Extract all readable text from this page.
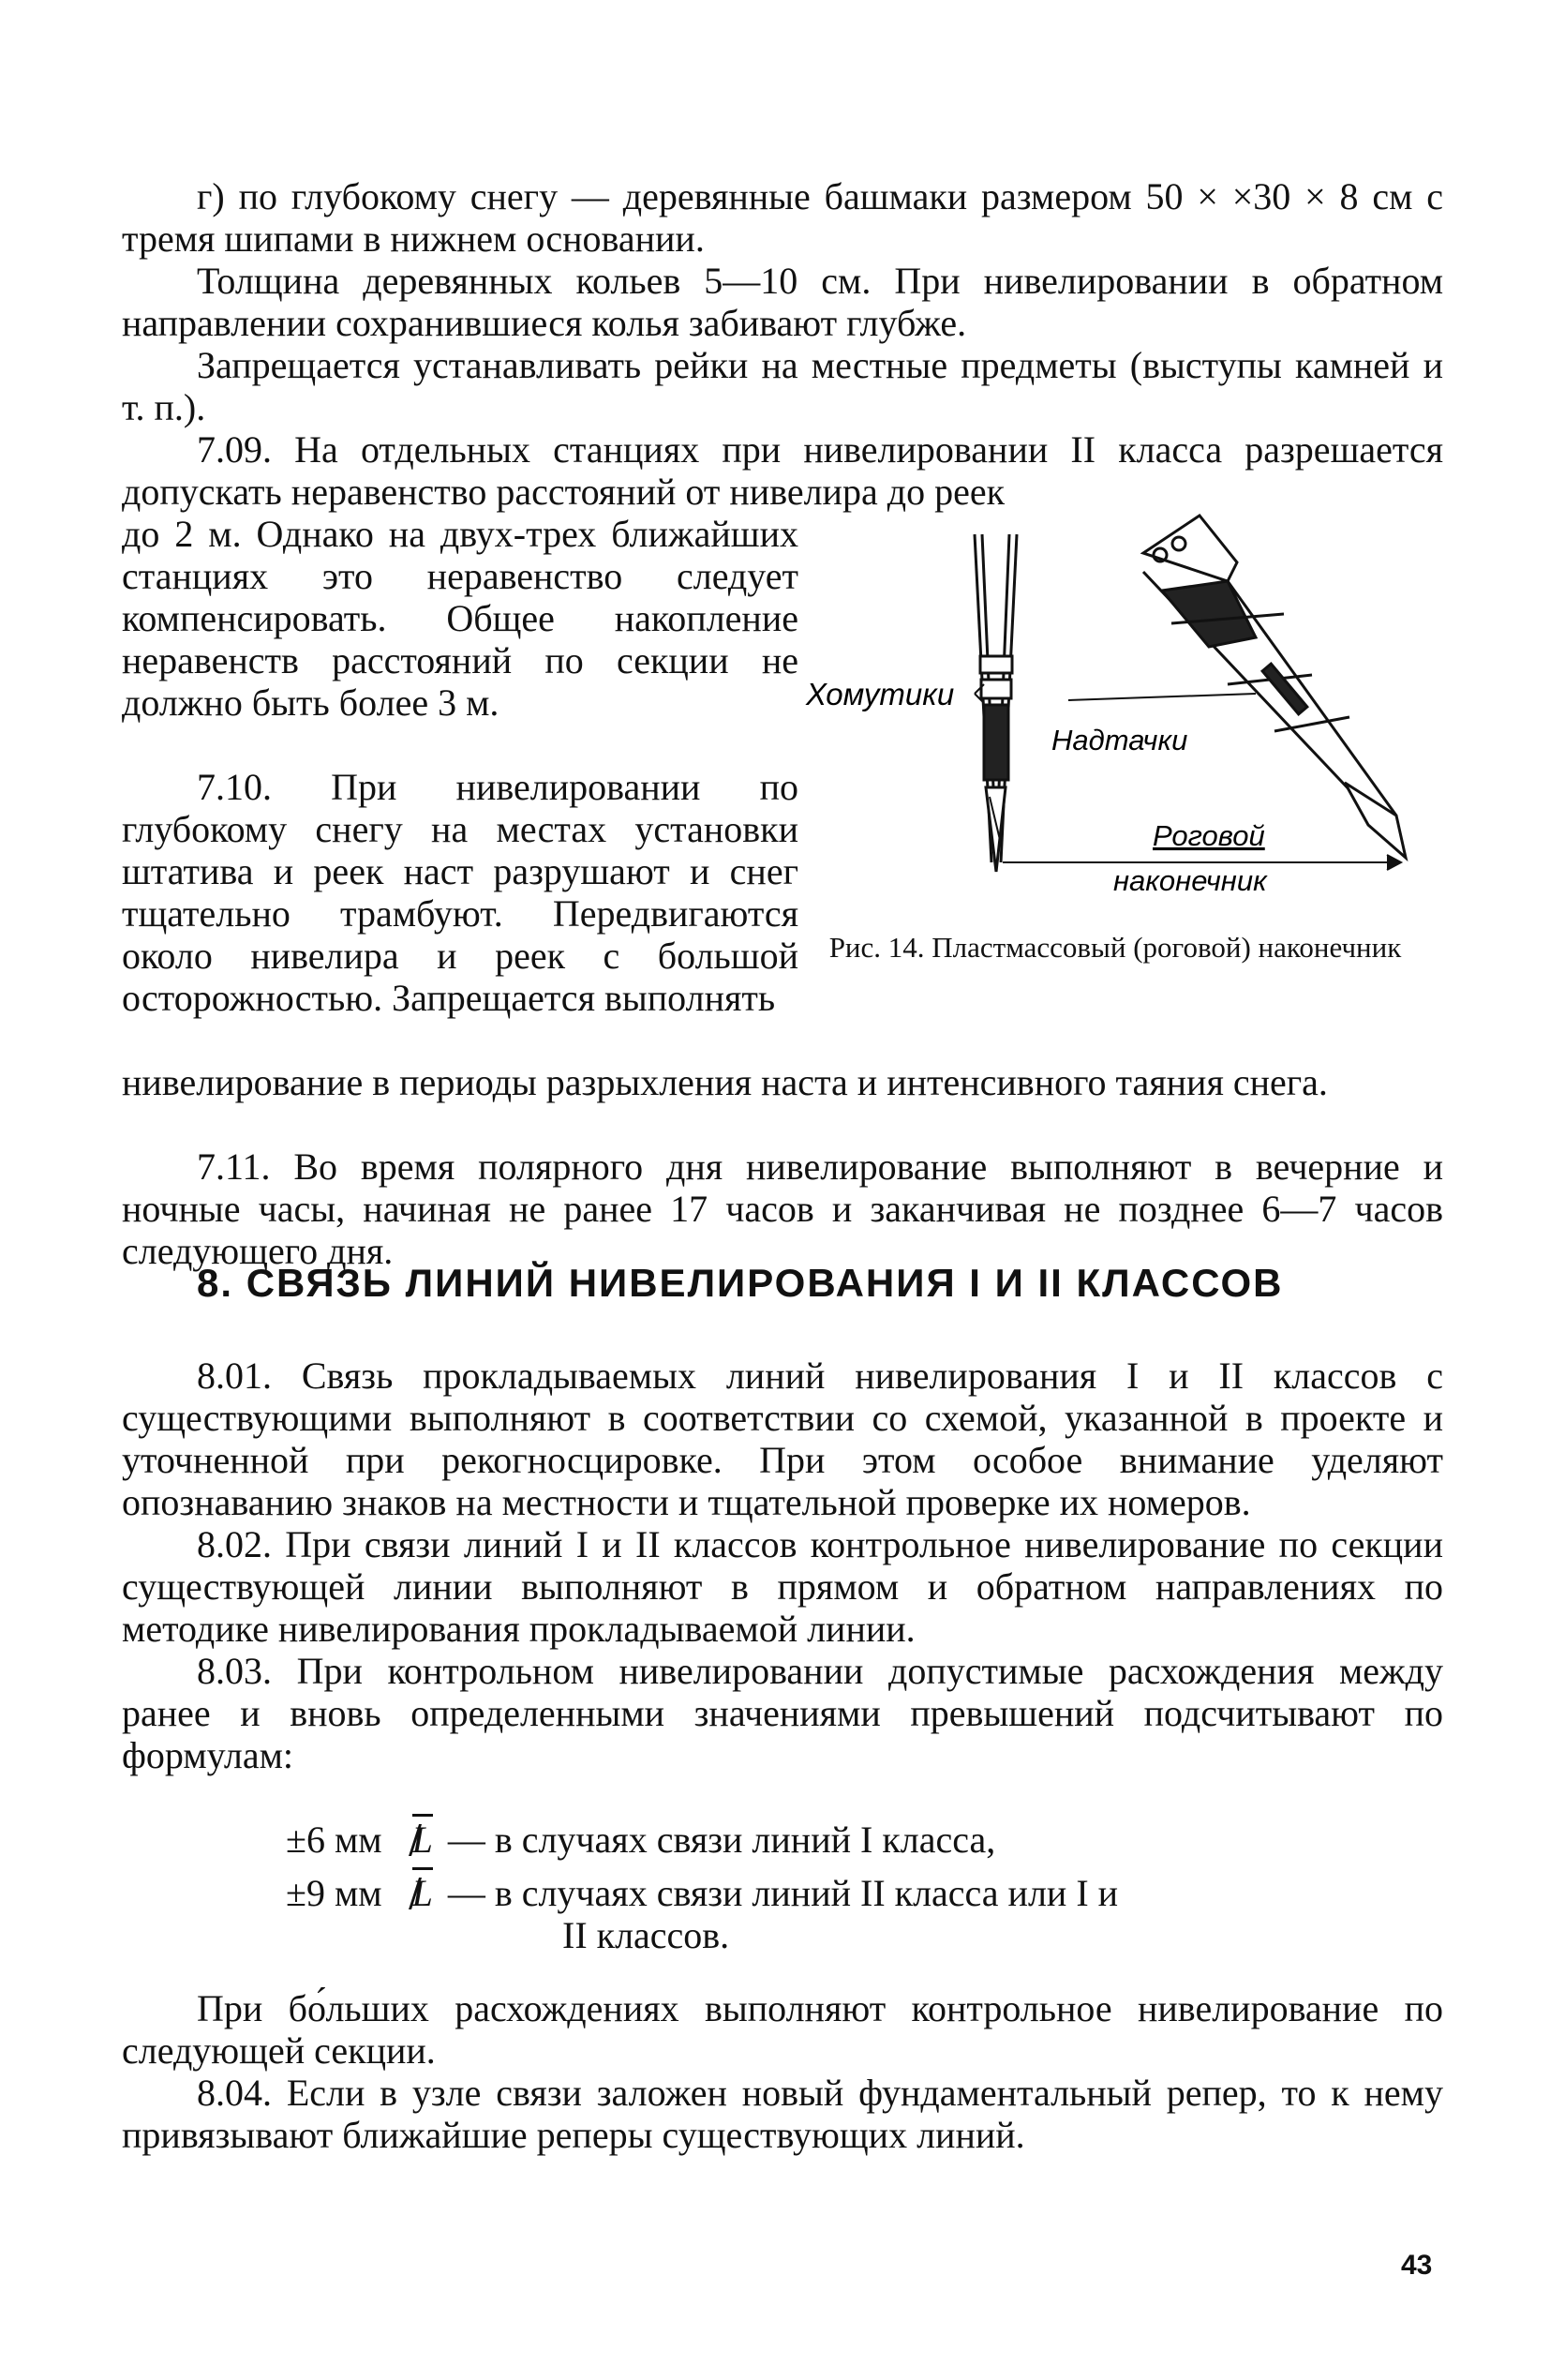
г) по глубокому снегу — деревянные башмаки размером 50 × ×30 × 8 см с тремя шипами в нижнем основании.

Толщина деревянных кольев 5—10 см. При нивелировании в обратном направлении сохранившиеся колья забивают глубже.

Запрещается устанавливать рейки на местные предметы (выступы камней и т. п.).

7.09. На отдельных станциях при нивелировании II класса разрешается допускать неравенство расстояний от нивелира до реек

до 2 м. Однако на двух-трех ближайших станциях это неравенство следует компенсировать. Общее накопление неравенств расстояний по секции не должно быть более 3 м.

7.10. При нивелировании по глубокому снегу на местах установки штатива и реек наст разрушают и снег тщательно трамбуют. Передвигаются около нивелира и реек с большой осторожностью. Запрещается выполнять

нивелирование в периоды разрыхления наста и интенсивного таяния снега.

7.11. Во время полярного дня нивелирование выполняют в вечерние и ночные часы, начиная не ранее 17 часов и заканчивая не позднее 6—7 часов следующего дня.

8. СВЯЗЬ ЛИНИЙ НИВЕЛИРОВАНИЯ I И II КЛАССОВ

8.01. Связь прокладываемых линий нивелирования I и II классов с существующими выполняют в соответствии со схемой, указанной в проекте и уточненной при рекогносцировке. При этом особое внимание уделяют опознаванию знаков на местности и тщательной проверке их номеров.

8.02. При связи линий I и II классов контрольное нивелирование по секции существующей линии выполняют в прямом и обратном направлениях по методике нивелирования прокладываемой линии.

8.03. При контрольном нивелировании допустимые расхождения между ранее и вновь определенными значениями превышений подсчитывают по формулам:

±6 мм L — в случаях связи линий I класса,
±9 мм L — в случаях связи линий II класса или I и
II классов.

При бо́льших расхождениях выполняют контрольное нивелирование по следующей секции.

8.04. Если в узле связи заложен новый фундаментальный репер, то к нему привязывают ближайшие реперы существующих линий.

Хомутики
Надтачки
Роговой
наконечник

Рис. 14. Пластмассовый (роговой) наконечник

43
